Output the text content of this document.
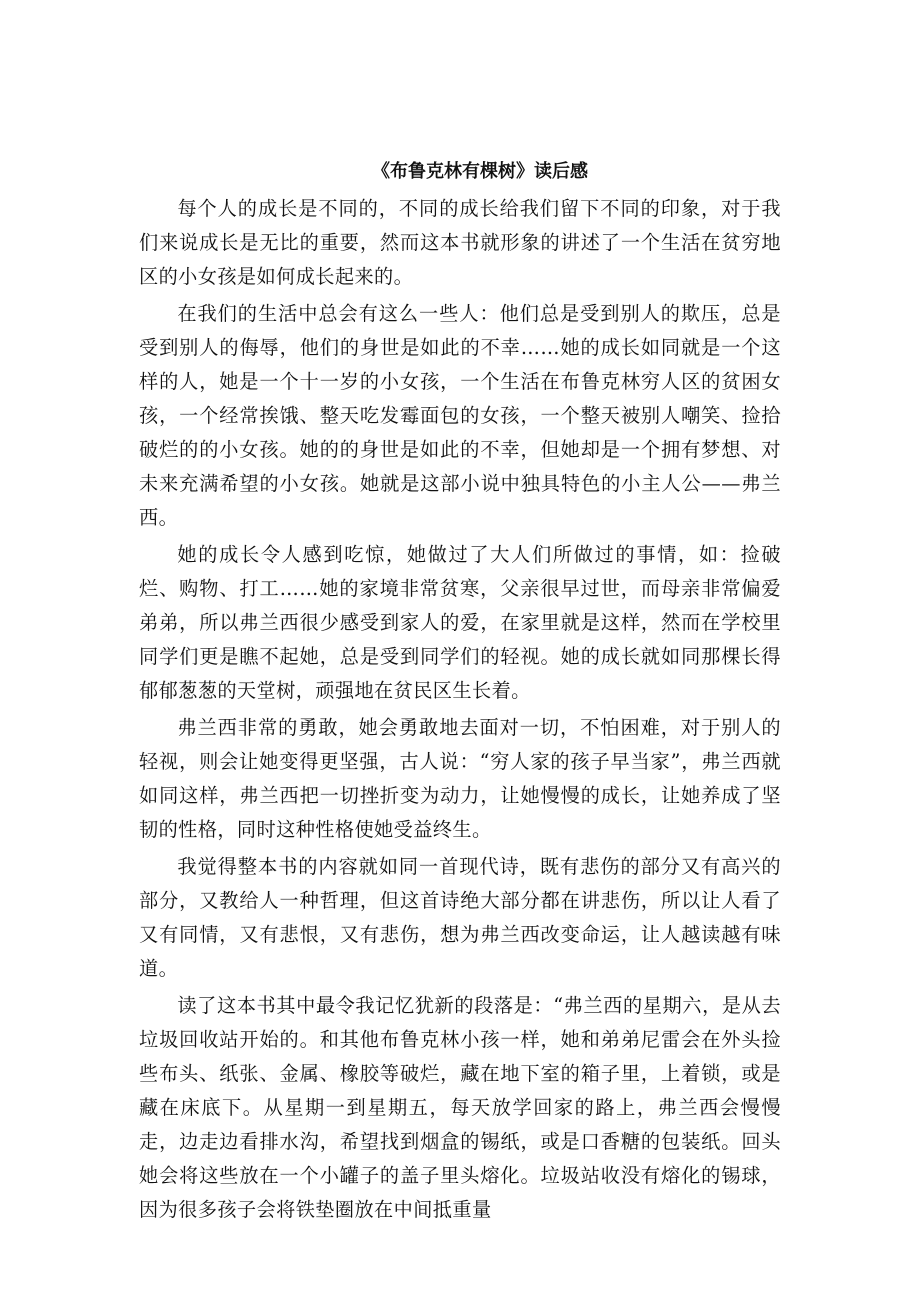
《布鲁克林有棵树》读后感

每个人的成长是不同的，不同的成长给我们留下不同的印象，对于我们来说成长是无比的重要，然而这本书就形象的讲述了一个生活在贫穷地区的小女孩是如何成长起来的。

在我们的生活中总会有这么一些人：他们总是受到别人的欺压，总是受到别人的侮辱，他们的身世是如此的不幸……她的成长如同就是一个这样的人，她是一个十一岁的小女孩，一个生活在布鲁克林穷人区的贫困女孩，一个经常挨饿、整天吃发霉面包的女孩，一个整天被别人嘲笑、捡拾破烂的的小女孩。她的的身世是如此的不幸，但她却是一个拥有梦想、对未来充满希望的小女孩。她就是这部小说中独具特色的小主人公——弗兰西。

她的成长令人感到吃惊，她做过了大人们所做过的事情，如：捡破烂、购物、打工……她的家境非常贫寒，父亲很早过世，而母亲非常偏爱弟弟，所以弗兰西很少感受到家人的爱，在家里就是这样，然而在学校里同学们更是瞧不起她，总是受到同学们的轻视。她的成长就如同那棵长得郁郁葱葱的天堂树，顽强地在贫民区生长着。

弗兰西非常的勇敢，她会勇敢地去面对一切，不怕困难，对于别人的轻视，则会让她变得更坚强，古人说：“穷人家的孩子早当家”，弗兰西就如同这样，弗兰西把一切挫折变为动力，让她慢慢的成长，让她养成了坚韧的性格，同时这种性格使她受益终生。

我觉得整本书的内容就如同一首现代诗，既有悲伤的部分又有高兴的部分，又教给人一种哲理，但这首诗绝大部分都在讲悲伤，所以让人看了又有同情，又有悲恨，又有悲伤，想为弗兰西改变命运，让人越读越有味道。

读了这本书其中最令我记忆犹新的段落是：“弗兰西的星期六，是从去垃圾回收站开始的。和其他布鲁克林小孩一样，她和弟弟尼雷会在外头捡些布头、纸张、金属、橡胶等破烂，藏在地下室的箱子里，上着锁，或是藏在床底下。从星期一到星期五，每天放学回家的路上，弗兰西会慢慢走，边走边看排水沟，希望找到烟盒的锡纸，或是口香糖的包装纸。回头她会将这些放在一个小罐子的盖子里头熔化。垃圾站收没有熔化的锡球，因为很多孩子会将铁垫圈放在中间抵重量
